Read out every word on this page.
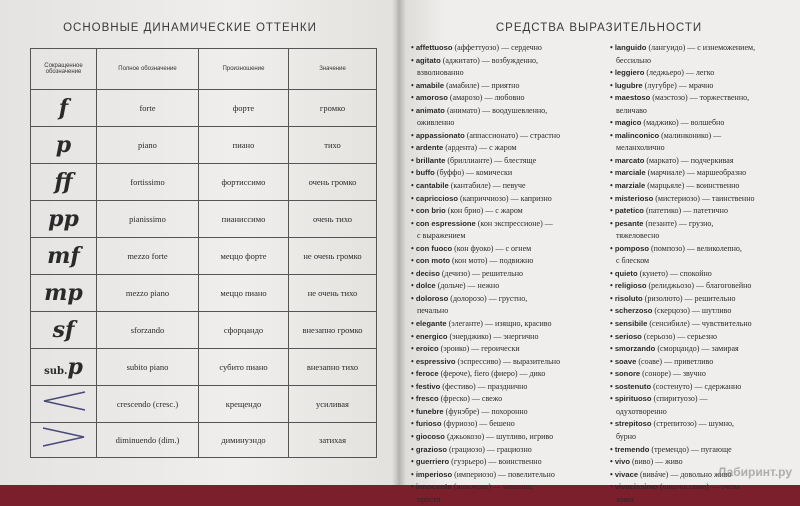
ОСНОВНЫЕ ДИНАМИЧЕСКИЕ ОТТЕНКИ
Сокращенное обозначение	Полное обозначение	Произношение	Значение
f	forte	форте	громко
p	piano	пиано	тихо
ff	fortissimo	фортиссимо	очень громко
pp	pianissimo	пианиссимо	очень тихо
mf	mezzo forte	меццо форте	не очень громко
mp	mezzo piano	меццо пиано	не очень тихо
sf	sforzando	сфорцандо	внезапно громко
sub.p	subito piano	субито пиано	внезапно тихо
	crescendo (cresc.)	крещендо	усиливая
	diminuendo (dim.)	диминуэндо	затихая
СРЕДСТВА ВЫРАЗИТЕЛЬНОСТИ
• affettuoso (аффеттуозо) — сердечно
• agitato (аджитато) — возбужденно,
взволнованно
• amabile (амабиле) — приятно
• amoroso (амарозо) — любовно
• animato (анимато) — воодушевленно,
оживленно
• appassionato (аппассионато) — страстно
• ardente (ардента) — с жаром
• brillante (бриллианте) — блестяще
• buffo (буффо) — комически
• cantabile (кантабиле) — певуче
• capriccioso (каприччиозо) — капризно
• con brio (кон брио) — с жаром
• con espressione (кон экспрессионе) —
с выражением
• con fuoco (кон фуоко) — с огнем
• con moto (кон мото) — подвижно
• deciso (дечизо) — решительно
• dolce (дольче) — нежно
• doloroso (долорозо) — грустно,
печально
• elegante (элеганте) — изящно, красиво
• energico (энерджико) — энергично
• eroico (эроико) — героически
• espressivo (эспрессиво) — выразительно
• feroce (фероче), fiero (фиеро) — дико
• festivo (фестиво) — празднично
• fresco (фреско) — свежо
• funebre (фунэбре) — похоронно
• furioso (фуриозо) — бешено
• giocoso (джьокозо) — шутливо, игриво
• grazioso (грациозо) — грациозно
• guerriero (гуэрьеро) — воинственно
• imperioso (империозо) — повелительно
• innocente (инночене) — невинно,
просто
• languido (лангуидо) — с изнеможением,
бессильно
• leggiero (леджьеро) — легко
• lugubre (лугубре) — мрачно
• maestoso (маэстозо) — торжественно,
величаво
• magico (маджико) — волшебно
• malinconico (малинконико) —
меланхолично
• marcato (маркато) — подчеркивая
• marciale (марчиале) — маршеобразно
• marziale (марцьяле) — воинственно
• misterioso (мистериозо) — таинственно
• patetico (патетико) — патетично
• pesante (пезанте) — грузно,
тяжеловесно
• pomposo (помпозо) — великолепно,
с блеском
• quieto (куието) — спокойно
• religioso (релиджьозо) — благоговейно
• risoluto (ризолюто) — решительно
• scherzoso (скерцозо) — шутливо
• sensibile (сенсибиле) — чувствительно
• serioso (серьозо) — серьезно
• smorzando (сморцандо) — замирая
• soave (соаве) — приветливо
• sonore (соноре) — звучно
• sostenuto (состенуто) — сдержанно
• spirituoso (спиритуозо) —
одухотворенно
• strepitoso (стрепитозо) — шумно,
бурно
• tremendo (тремендо) — пугающе
• vivo (виво) — живо
• vivace (вивáче) — довольно живо
• vivacissimo (вивачиссимо) — очень
живо
Лабиринт.ру
